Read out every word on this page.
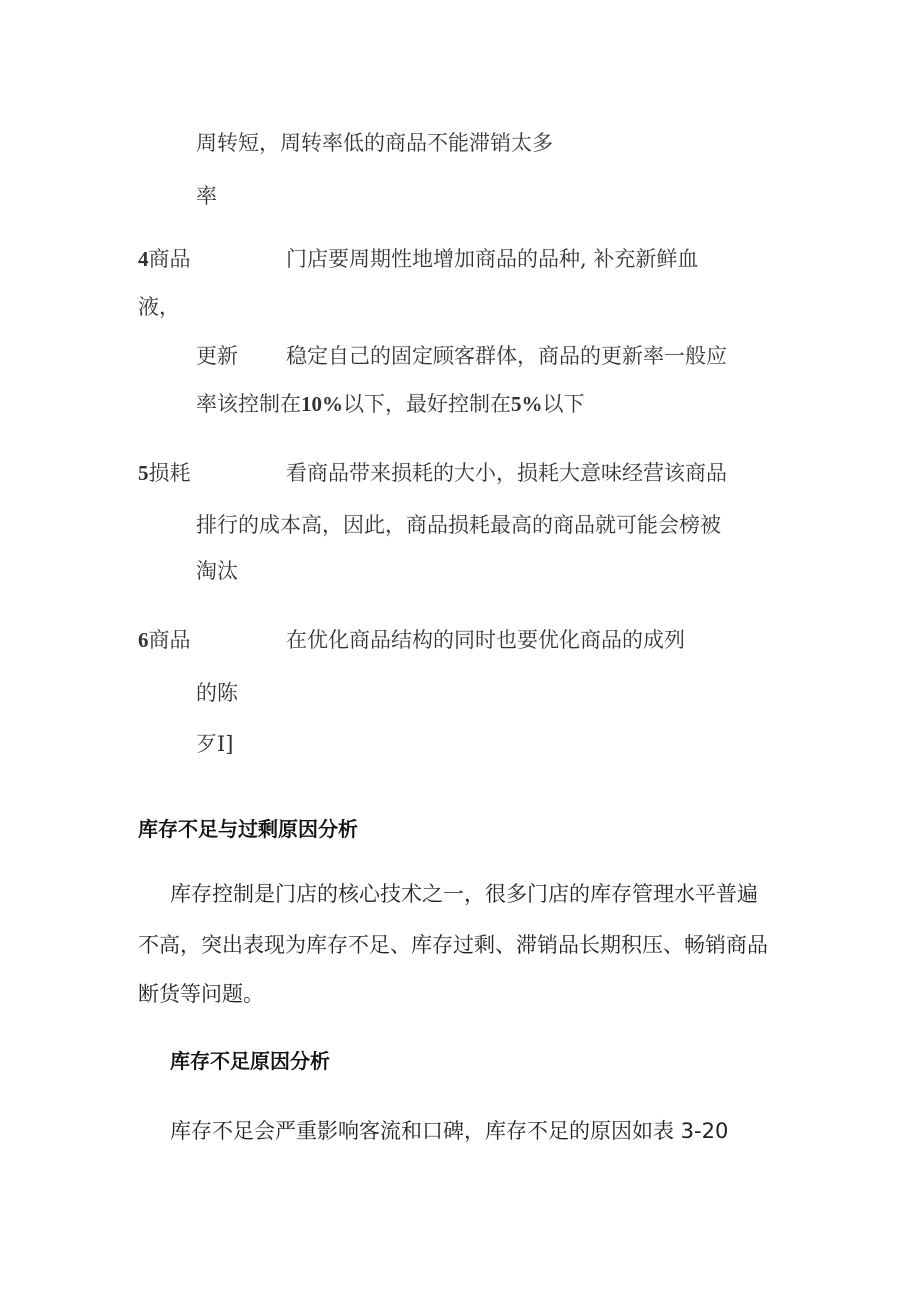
周转短，周转率低的商品不能滞销太多
率
4商品	门店要周期性地增加商品的品种, 补充新鲜血
液，
更新 稳定自己的固定顾客群体，商品的更新率一般应
率该控制在10%以下，最好控制在5%以下
5损耗	看商品带来损耗的大小，损耗大意味经营该商品
排行的成本高，因此，商品损耗最高的商品就可能会榜被
淘汰
6商品	在优化商品结构的同时也要优化商品的成列
的陈
歹I]
库存不足与过剩原因分析
库存控制是门店的核心技术之一，很多门店的库存管理水平普遍
不高，突出表现为库存不足、库存过剩、滞销品长期积压、畅销商品
断货等问题。
库存不足原因分析
库存不足会严重影响客流和口碑，库存不足的原因如表 3-20
